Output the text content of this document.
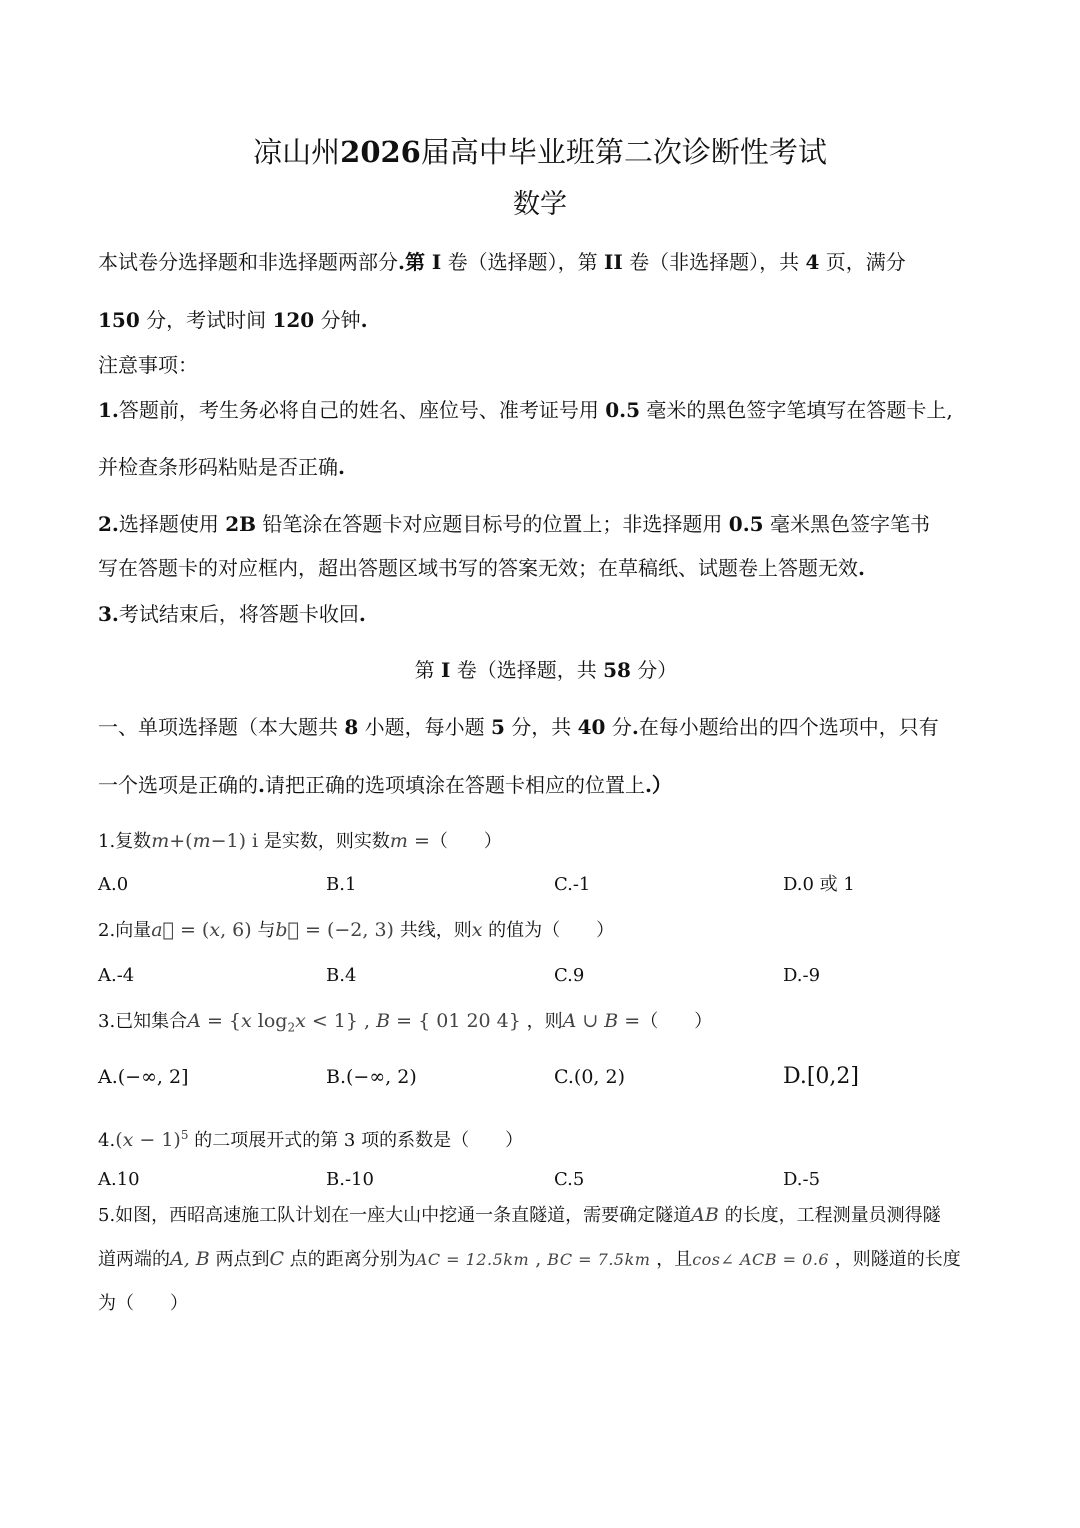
凉山州2026届高中毕业班第二次诊断性考试
数学
本试卷分选择题和非选择题两部分.第 I 卷（选择题），第 II 卷（非选择题），共 4 页，满分
150 分，考试时间 120 分钟.
注意事项：
1.答题前，考生务必将自己的姓名、座位号、准考证号用 0.5 毫米的黑色签字笔填写在答题卡上,
并检查条形码粘贴是否正确.
2.选择题使用 2B 铅笔涂在答题卡对应题目标号的位置上；非选择题用 0.5 毫米黑色签字笔书
写在答题卡的对应框内，超出答题区域书写的答案无效；在草稿纸、试题卷上答题无效.
3.考试结束后，将答题卡收回.
第 I 卷（选择题，共 58 分）
一、单项选择题（本大题共 8 小题，每小题 5 分，共 40 分.在每小题给出的四个选项中，只有
一个选项是正确的.请把正确的选项填涂在答题卡相应的位置上.）
1.复数m+(m−1) i 是实数，则实数m =（　　）
A.0	B.1	C.-1	D.0 或 1
2.向量a⃗ = (x, 6) 与b⃗ = (−2, 3) 共线，则x 的值为（　　）
A.-4	B.4	C.9	D.-9
3.已知集合A = {x $\log_2x < 1$} , B = { 01 20 4} ，则A ∪ B =（　　）
A.(−∞, 2]	B.(−∞, 2)	C.(0, 2)	D.[0,2]
$4.(x - 1)^5$ 的二项展开式的第 3 项的系数是（　　）
A.10	B.-10	C.5	D.-5
5.如图，西昭高速施工队计划在一座大山中挖通一条直隧道，需要确定隧道AB 的长度，工程测量员测得隧
道两端的A, B 两点到C 点的距离分别为AC = 12.5km , BC = 7.5km ，且cos∠ ACB = 0.6 ，则隧道的长度
为（　　）
